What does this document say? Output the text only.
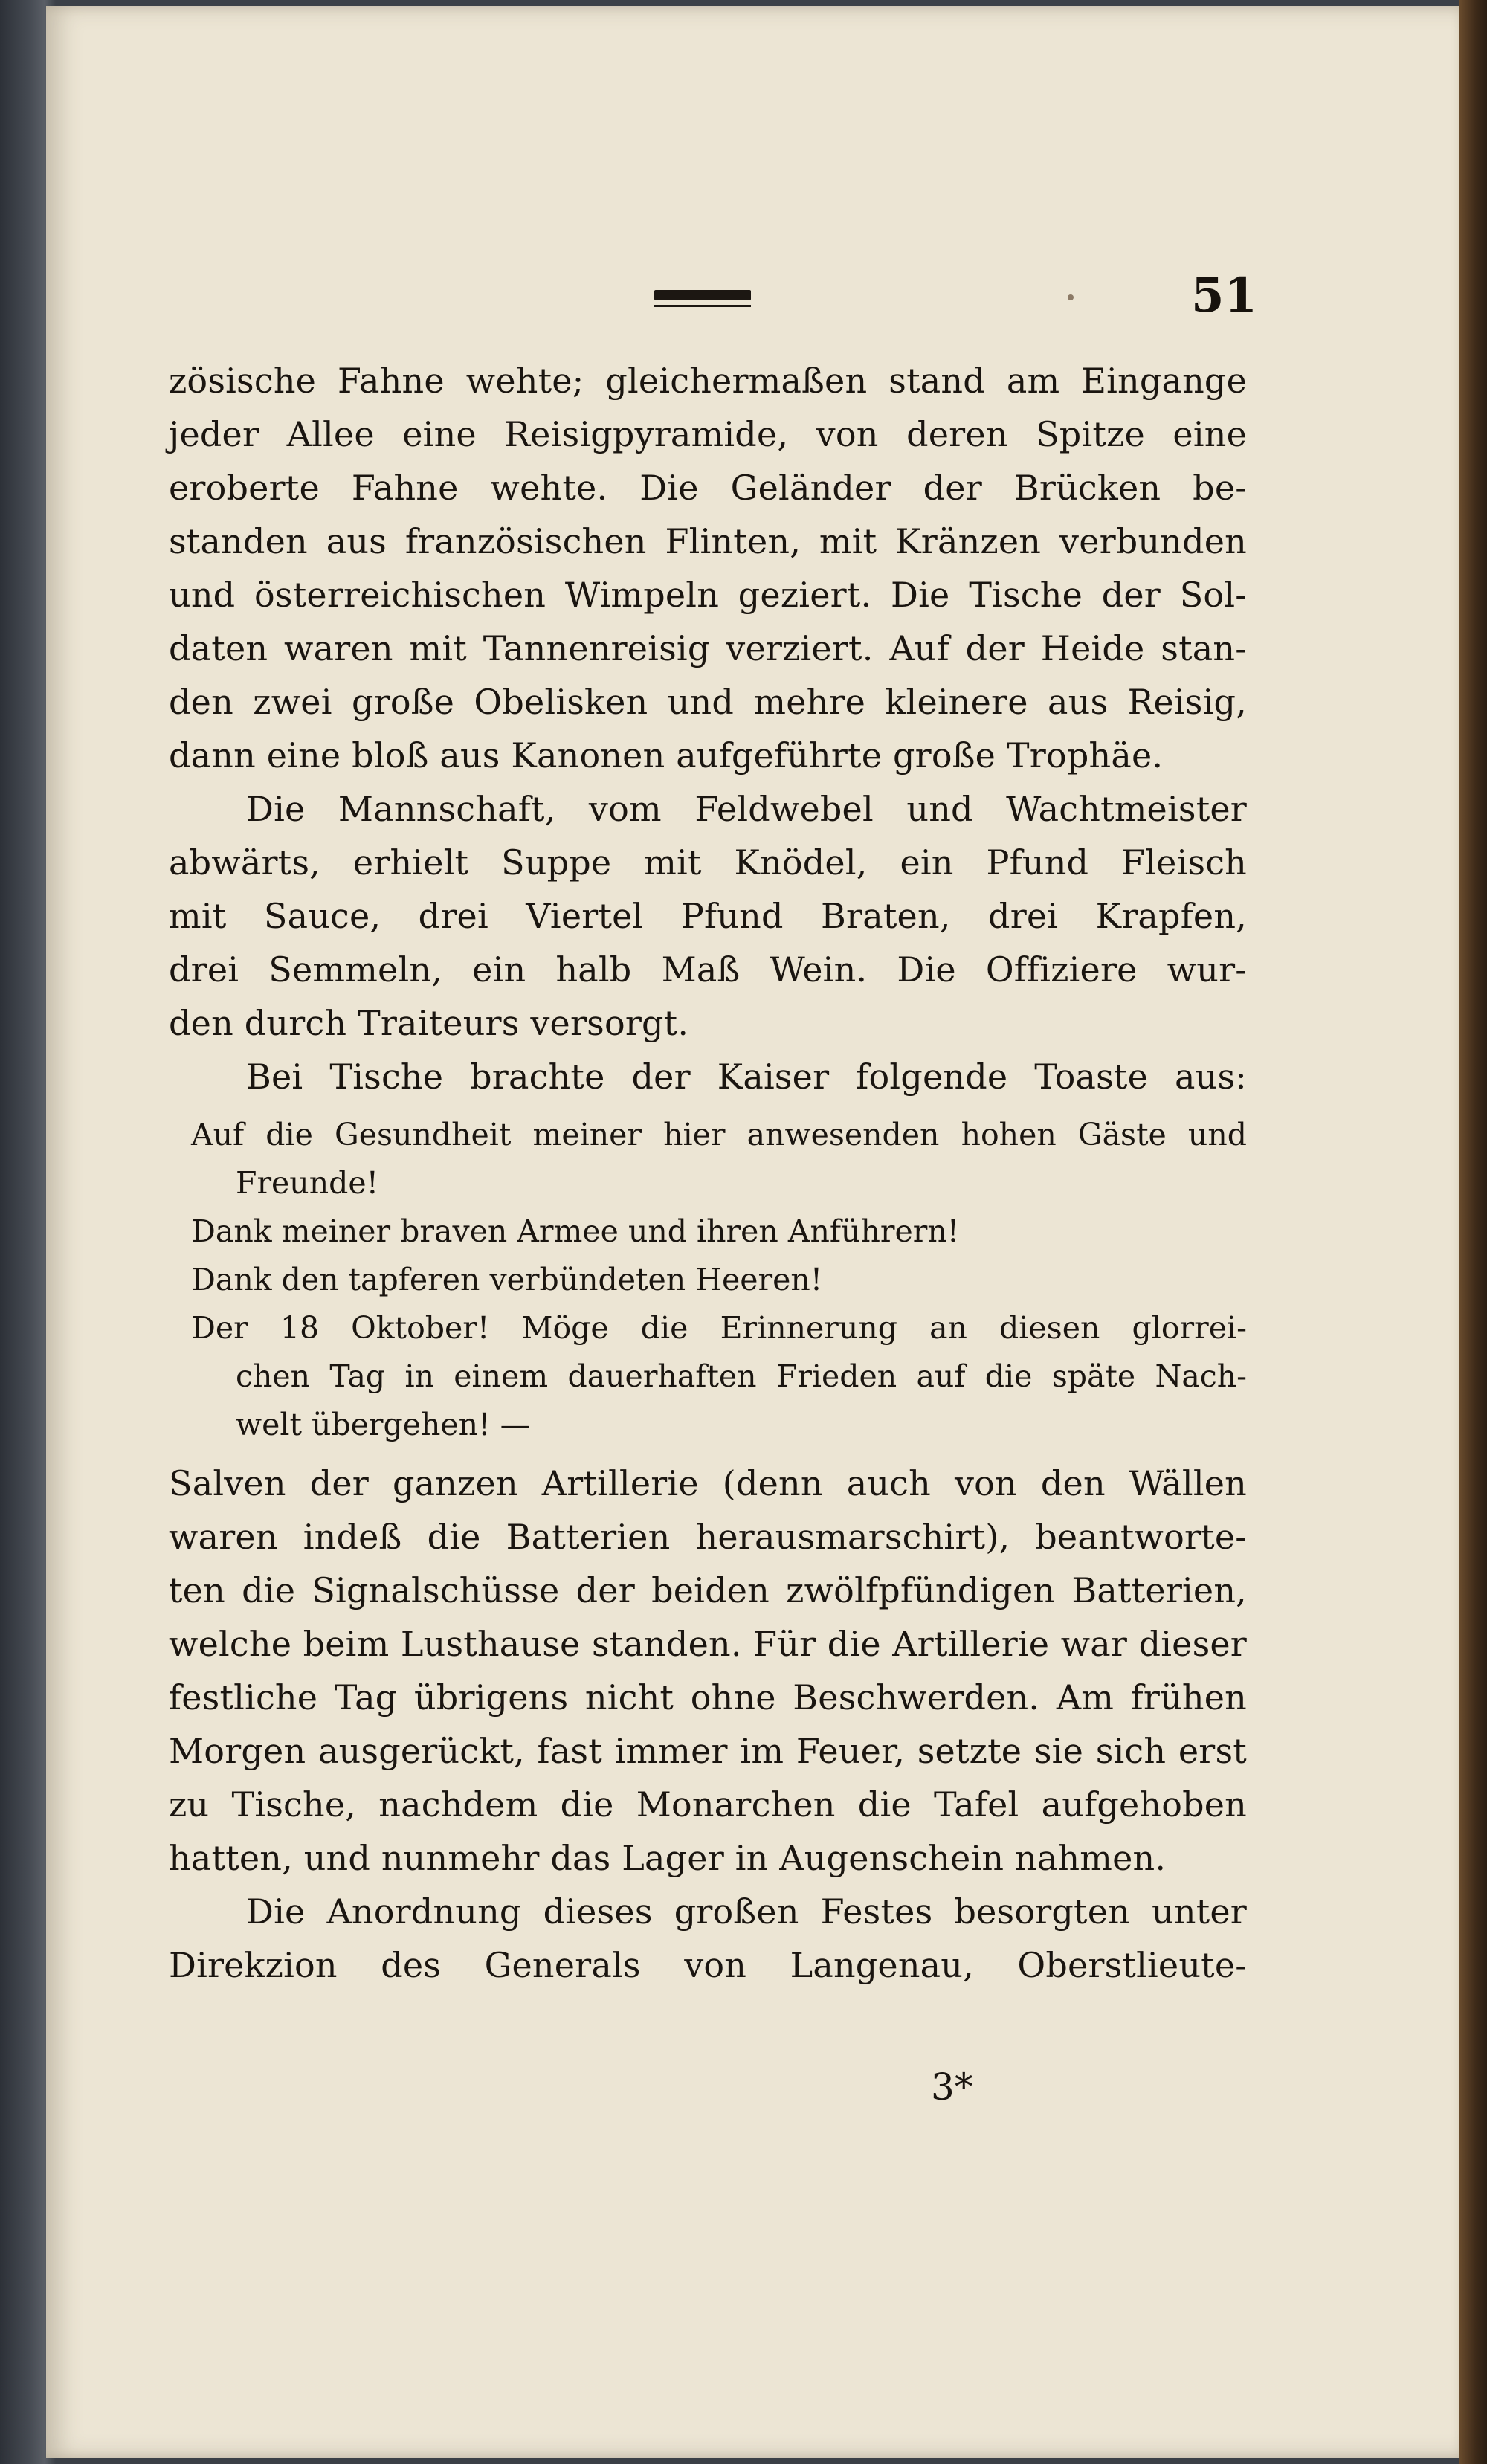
51
zösische Fahne wehte; gleichermaßen stand am Eingange
jeder Allee eine Reisigpyramide, von deren Spitze eine
eroberte Fahne wehte. Die Geländer der Brücken be-
standen aus französischen Flinten, mit Kränzen verbunden
und österreichischen Wimpeln geziert. Die Tische der Sol-
daten waren mit Tannenreisig verziert. Auf der Heide stan-
den zwei große Obelisken und mehre kleinere aus Reisig,
dann eine bloß aus Kanonen aufgeführte große Trophäe.
Die Mannschaft, vom Feldwebel und Wachtmeister
abwärts, erhielt Suppe mit Knödel, ein Pfund Fleisch
mit Sauce, drei Viertel Pfund Braten, drei Krapfen,
drei Semmeln, ein halb Maß Wein. Die Offiziere wur-
den durch Traiteurs versorgt.
Bei Tische brachte der Kaiser folgende Toaste aus:
Auf die Gesundheit meiner hier anwesenden hohen Gäste und
Freunde!
Dank meiner braven Armee und ihren Anführern!
Dank den tapferen verbündeten Heeren!
Der 18 Oktober! Möge die Erinnerung an diesen glorrei-
chen Tag in einem dauerhaften Frieden auf die späte Nach-
welt übergehen! —
Salven der ganzen Artillerie (denn auch von den Wällen
waren indeß die Batterien herausmarschirt), beantworte-
ten die Signalschüsse der beiden zwölfpfündigen Batterien,
welche beim Lusthause standen. Für die Artillerie war dieser
festliche Tag übrigens nicht ohne Beschwerden. Am frühen
Morgen ausgerückt, fast immer im Feuer, setzte sie sich erst
zu Tische, nachdem die Monarchen die Tafel aufgehoben
hatten, und nunmehr das Lager in Augenschein nahmen.
Die Anordnung dieses großen Festes besorgten unter
Direkzion des Generals von Langenau, Oberstlieute-
3*
